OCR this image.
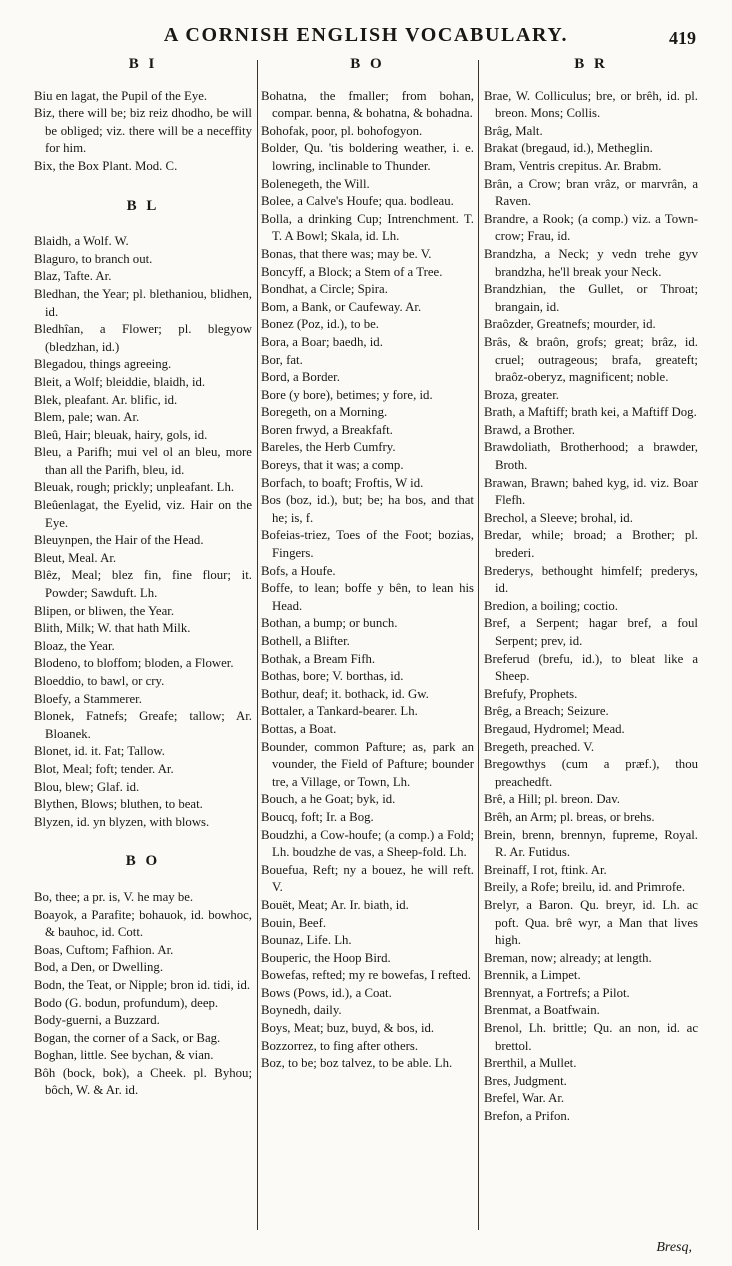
A CORNISH ENGLISH VOCABULARY.	419
B I

Biu en lagat, the Pupil of the Eye.

Biz, there will be; biz reiz dhodho, be will be obliged; viz. there will be a neceffity for him.

Bix, the Box Plant. Mod. C.

B L

Blaidh, a Wolf. W.

Blaguro, to branch out.

Blaz, Tafte. Ar.

Bledhan, the Year; pl. blethaniou, blidhen, id.

Bledhîan, a Flower; pl. blegyow (bledzhan, id.)

Blegadou, things agreeing.

Bleit, a Wolf; bleiddie, blaidh, id.

Blek, pleafant. Ar. blific, id.

Blem, pale; wan. Ar.

Bleû, Hair; bleuak, hairy, gols, id.

Bleu, a Parifh; mui vel ol an bleu, more than all the Parifh, bleu, id.

Bleuak, rough; prickly; unpleafant. Lh.

Bleûenlagat, the Eyelid, viz. Hair on the Eye.

Bleuynpen, the Hair of the Head.

Bleut, Meal. Ar.

Blêz, Meal; blez fin, fine flour; it. Powder; Sawduft. Lh.

Blipen, or bliwen, the Year.

Blith, Milk; W. that hath Milk.

Bloaz, the Year.

Blodeno, to bloffom; bloden, a Flower.

Bloeddio, to bawl, or cry.

Bloefy, a Stammerer.

Blonek, Fatnefs; Greafe; tallow; Ar. Bloanek.

Blonet, id. it. Fat; Tallow.

Blot, Meal; foft; tender. Ar.

Blou, blew; Glaf. id.

Blythen, Blows; bluthen, to beat.

Blyzen, id. yn blyzen, with blows.

B O

Bo, thee; a pr. is, V. he may be.

Boayok, a Parafite; bohauok, id. bowhoc, & bauhoc, id. Cott.

Boas, Cuftom; Fafhion. Ar.

Bod, a Den, or Dwelling.

Bodn, the Teat, or Nipple; bron id. tidi, id.

Bodo (G. bodun, profundum), deep.

Body-guerni, a Buzzard.

Bogan, the corner of a Sack, or Bag.

Boghan, little. See bychan, & vian.

Bôh (bock, bok), a Cheek. pl. Byhou; bôch, W. & Ar. id.

B O

Bohatna, the fmaller; from bohan, compar. benna, & bohatna, & bohadna.

Bohofak, poor, pl. bohofogyon.

Bolder, Qu. 'tis boldering weather, i. e. lowring, inclinable to Thunder.

Bolenegeth, the Will.

Bolee, a Calve's Houfe; qua. bodleau.

Bolla, a drinking Cup; Intrenchment. T. T. A Bowl; Skala, id. Lh.

Bonas, that there was; may be. V.

Boncyff, a Block; a Stem of a Tree.

Bondhat, a Circle; Spira.

Bom, a Bank, or Caufeway. Ar.

Bonez (Poz, id.), to be.

Bora, a Boar; baedh, id.

Bor, fat.

Bord, a Border.

Bore (y bore), betimes; y fore, id.

Boregeth, on a Morning.

Boren frwyd, a Breakfaft.

Bareles, the Herb Cumfry.

Boreys, that it was; a comp.

Borfach, to boaft; Froftis, W id.

Bos (boz, id.), but; be; ha bos, and that he; is, f.

Bofeias-triez, Toes of the Foot; bozias, Fingers.

Bofs, a Houfe.

Boffe, to lean; boffe y bên, to lean his Head.

Bothan, a bump; or bunch.

Bothell, a Blifter.

Bothak, a Bream Fifh.

Bothas, bore; V. borthas, id.

Bothur, deaf; it. bothack, id. Gw.

Bottaler, a Tankard-bearer. Lh.

Bottas, a Boat.

Bounder, common Pafture; as, park an vounder, the Field of Pafture; bounder tre, a Village, or Town, Lh.

Bouch, a he Goat; byk, id.

Boucq, foft; Ir. a Bog.

Boudzhi, a Cow-houfe; (a comp.) a Fold; Lh. boudzhe de vas, a Sheep-fold. Lh.

Bouefua, Reft; ny a bouez, he will reft. V.

Bouët, Meat; Ar. Ir. biath, id.

Bouin, Beef.

Bounaz, Life. Lh.

Bouperic, the Hoop Bird.

Bowefas, refted; my re bowefas, I refted.

Bows (Pows, id.), a Coat.

Boynedh, daily.

Boys, Meat; buz, buyd, & bos, id.

Bozzorrez, to fing after others.

Boz, to be; boz talvez, to be able. Lh.

B R

Brae, W. Colliculus; bre, or brêh, id. pl. breon. Mons; Collis.

Brâg, Malt.

Brakat (bregaud, id.), Metheglin.

Bram, Ventris crepitus. Ar. Brabm.

Brân, a Crow; bran vrâz, or marvrân, a Raven.

Brandre, a Rook; (a comp.) viz. a Town-crow; Frau, id.

Brandzha, a Neck; y vedn trehe gyv brandzha, he'll break your Neck.

Brandzhian, the Gullet, or Throat; brangain, id.

Braôzder, Greatnefs; mourder, id.

Brâs, & braôn, grofs; great; brâz, id. cruel; outrageous; brafa, greateft; braôz-oberyz, magnificent; noble.

Broza, greater.

Brath, a Maftiff; brath kei, a Maftiff Dog.

Brawd, a Brother.

Brawdoliath, Brotherhood; a brawder, Broth.

Brawan, Brawn; bahed kyg, id. viz. Boar Flefh.

Brechol, a Sleeve; brohal, id.

Bredar, while; broad; a Brother; pl. brederi.

Brederys, bethought himfelf; prederys, id.

Bredion, a boiling; coctio.

Bref, a Serpent; hagar bref, a foul Serpent; prev, id.

Breferud (brefu, id.), to bleat like a Sheep.

Brefufy, Prophets.

Brêg, a Breach; Seizure.

Bregaud, Hydromel; Mead.

Bregeth, preached. V.

Bregowthys (cum a præf.), thou preachedft.

Brê, a Hill; pl. breon. Dav.

Brêh, an Arm; pl. breas, or brehs.

Brein, brenn, brennyn, fupreme, Royal. R. Ar. Futidus.

Breinaff, I rot, ftink. Ar.

Breily, a Rofe; breilu, id. and Primrofe.

Brelyr, a Baron. Qu. breyr, id. Lh. ac poft. Qua. brê wyr, a Man that lives high.

Breman, now; already; at length.

Brennik, a Limpet.

Brennyat, a Fortrefs; a Pilot.

Brenmat, a Boatfwain.

Brenol, Lh. brittle; Qu. an non, id. ac brettol.

Brerthil, a Mullet.

Bres, Judgment.

Brefel, War. Ar.

Brefon, a Prifon.

Bresq,
